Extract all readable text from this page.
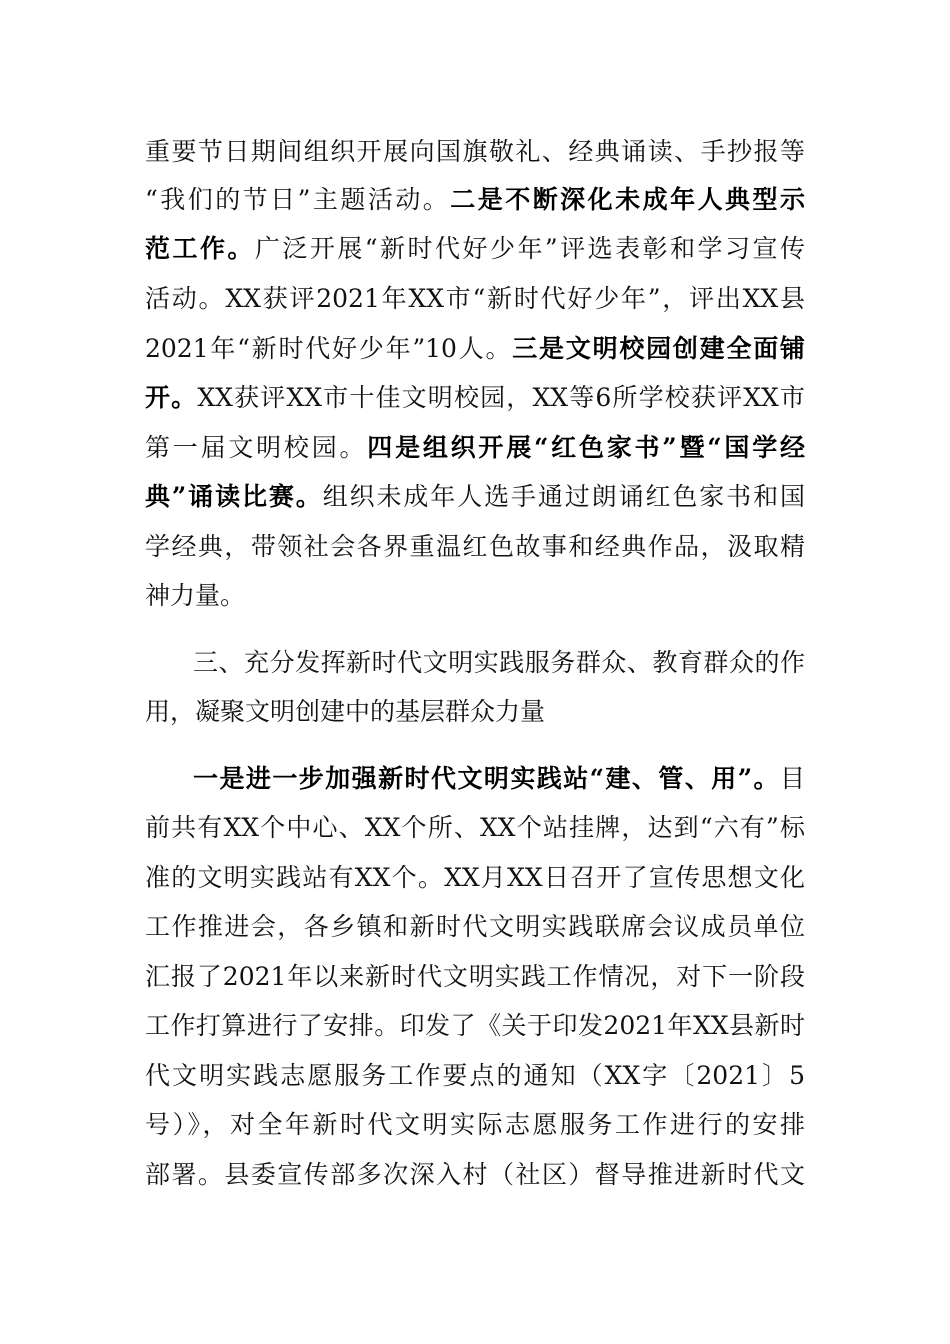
重要节日期间组织开展向国旗敬礼、经典诵读、手抄报等
“我们的节日”主题活动。二是不断深化未成年人典型示
范工作。广泛开展“新时代好少年”评选表彰和学习宣传
活动。XX获评2021年XX市“新时代好少年”，评出XX县
2021年“新时代好少年”10人。三是文明校园创建全面铺
开。XX获评XX市十佳文明校园，XX等6所学校获评XX市
第一届文明校园。四是组织开展“红色家书”暨“国学经
典”诵读比赛。组织未成年人选手通过朗诵红色家书和国
学经典，带领社会各界重温红色故事和经典作品，汲取精
神力量。
三、充分发挥新时代文明实践服务群众、教育群众的作
用，凝聚文明创建中的基层群众力量
一是进一步加强新时代文明实践站“建、管、用”。目
前共有XX个中心、XX个所、XX个站挂牌，达到“六有”标
准的文明实践站有XX个。XX月XX日召开了宣传思想文化
工作推进会，各乡镇和新时代文明实践联席会议成员单位
汇报了2021年以来新时代文明实践工作情况，对下一阶段
工作打算进行了安排。印发了《关于印发2021年XX县新时
代文明实践志愿服务工作要点的通知（XX字〔2021〕5
号）》，对全年新时代文明实际志愿服务工作进行的安排
部署。县委宣传部多次深入村（社区）督导推进新时代文
